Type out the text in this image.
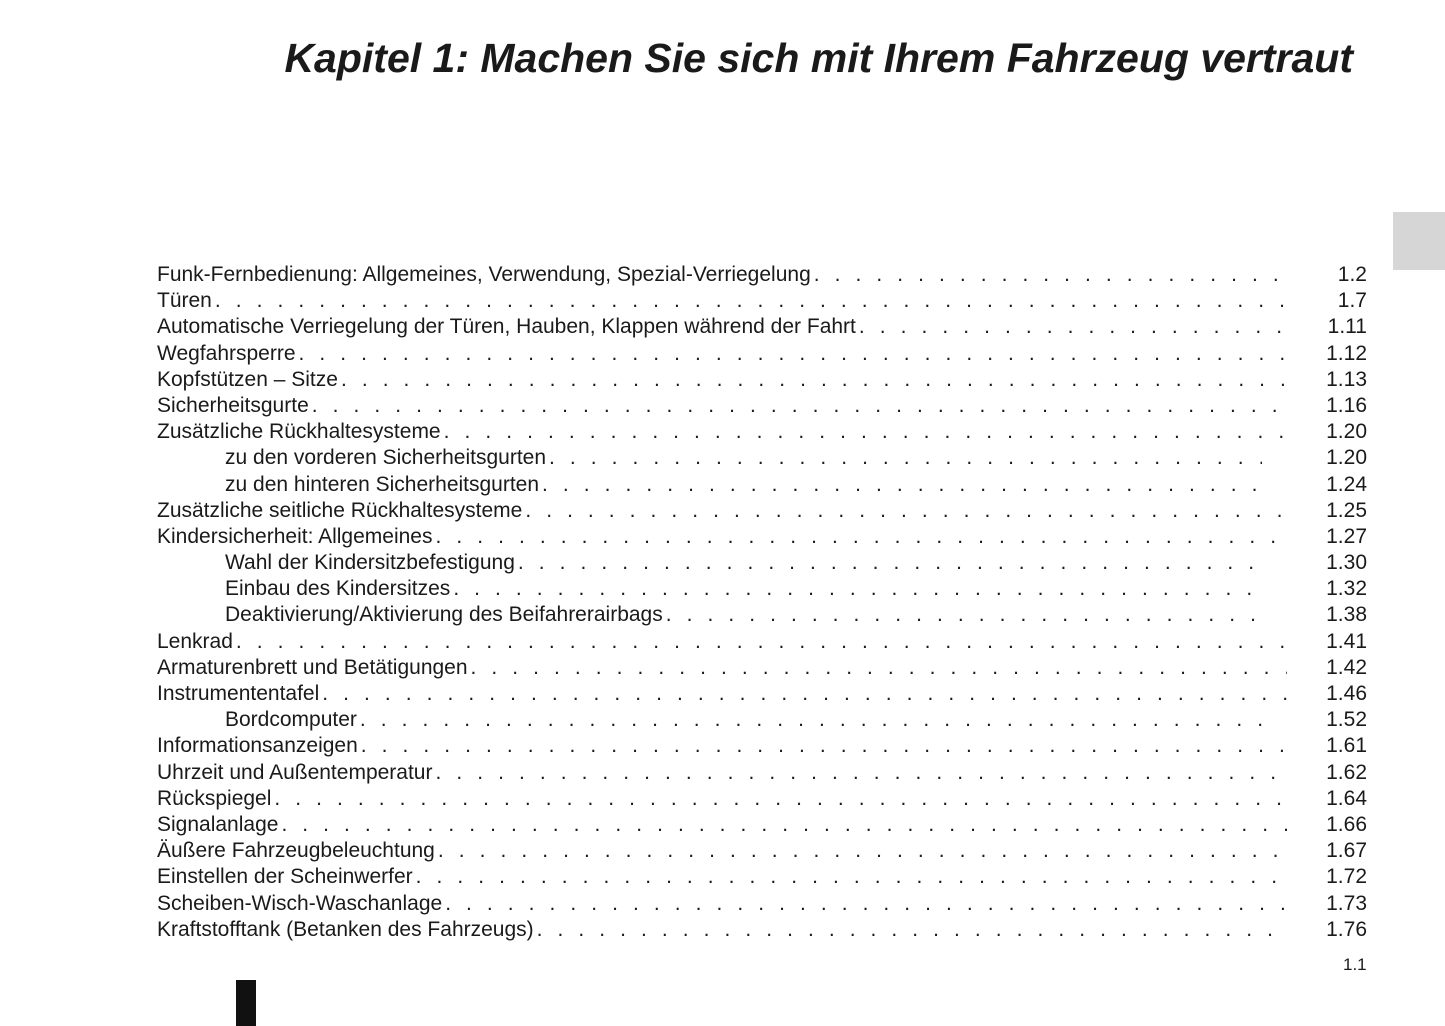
Kapitel 1: Machen Sie sich mit Ihrem Fahrzeug vertraut
Funk-Fernbedienung: Allgemeines, Verwendung, Spezial-Verriegelung . . .	1.2
Türen . . .	1.7
Automatische Verriegelung der Türen, Hauben, Klappen während der Fahrt . . .	1.11
Wegfahrsperre . . .	1.12
Kopfstützen – Sitze . . .	1.13
Sicherheitsgurte . . .	1.16
Zusätzliche Rückhaltesysteme . . .	1.20
zu den vorderen Sicherheitsgurten . . .	1.20
zu den hinteren Sicherheitsgurten . . .	1.24
Zusätzliche seitliche Rückhaltesysteme . . .	1.25
Kindersicherheit: Allgemeines . . .	1.27
Wahl der Kindersitzbefestigung . . .	1.30
Einbau des Kindersitzes . . .	1.32
Deaktivierung/Aktivierung des Beifahrerairbags . . .	1.38
Lenkrad . . .	1.41
Armaturenbrett und Betätigungen . . .	1.42
Instrumententafel . . .	1.46
Bordcomputer . . .	1.52
Informationsanzeigen . . .	1.61
Uhrzeit und Außentemperatur . . .	1.62
Rückspiegel . . .	1.64
Signalanlage . . .	1.66
Äußere Fahrzeugbeleuchtung . . .	1.67
Einstellen der Scheinwerfer . . .	1.72
Scheiben-Wisch-Waschanlage . . .	1.73
Kraftstofftank (Betanken des Fahrzeugs) . . .	1.76
1.1
